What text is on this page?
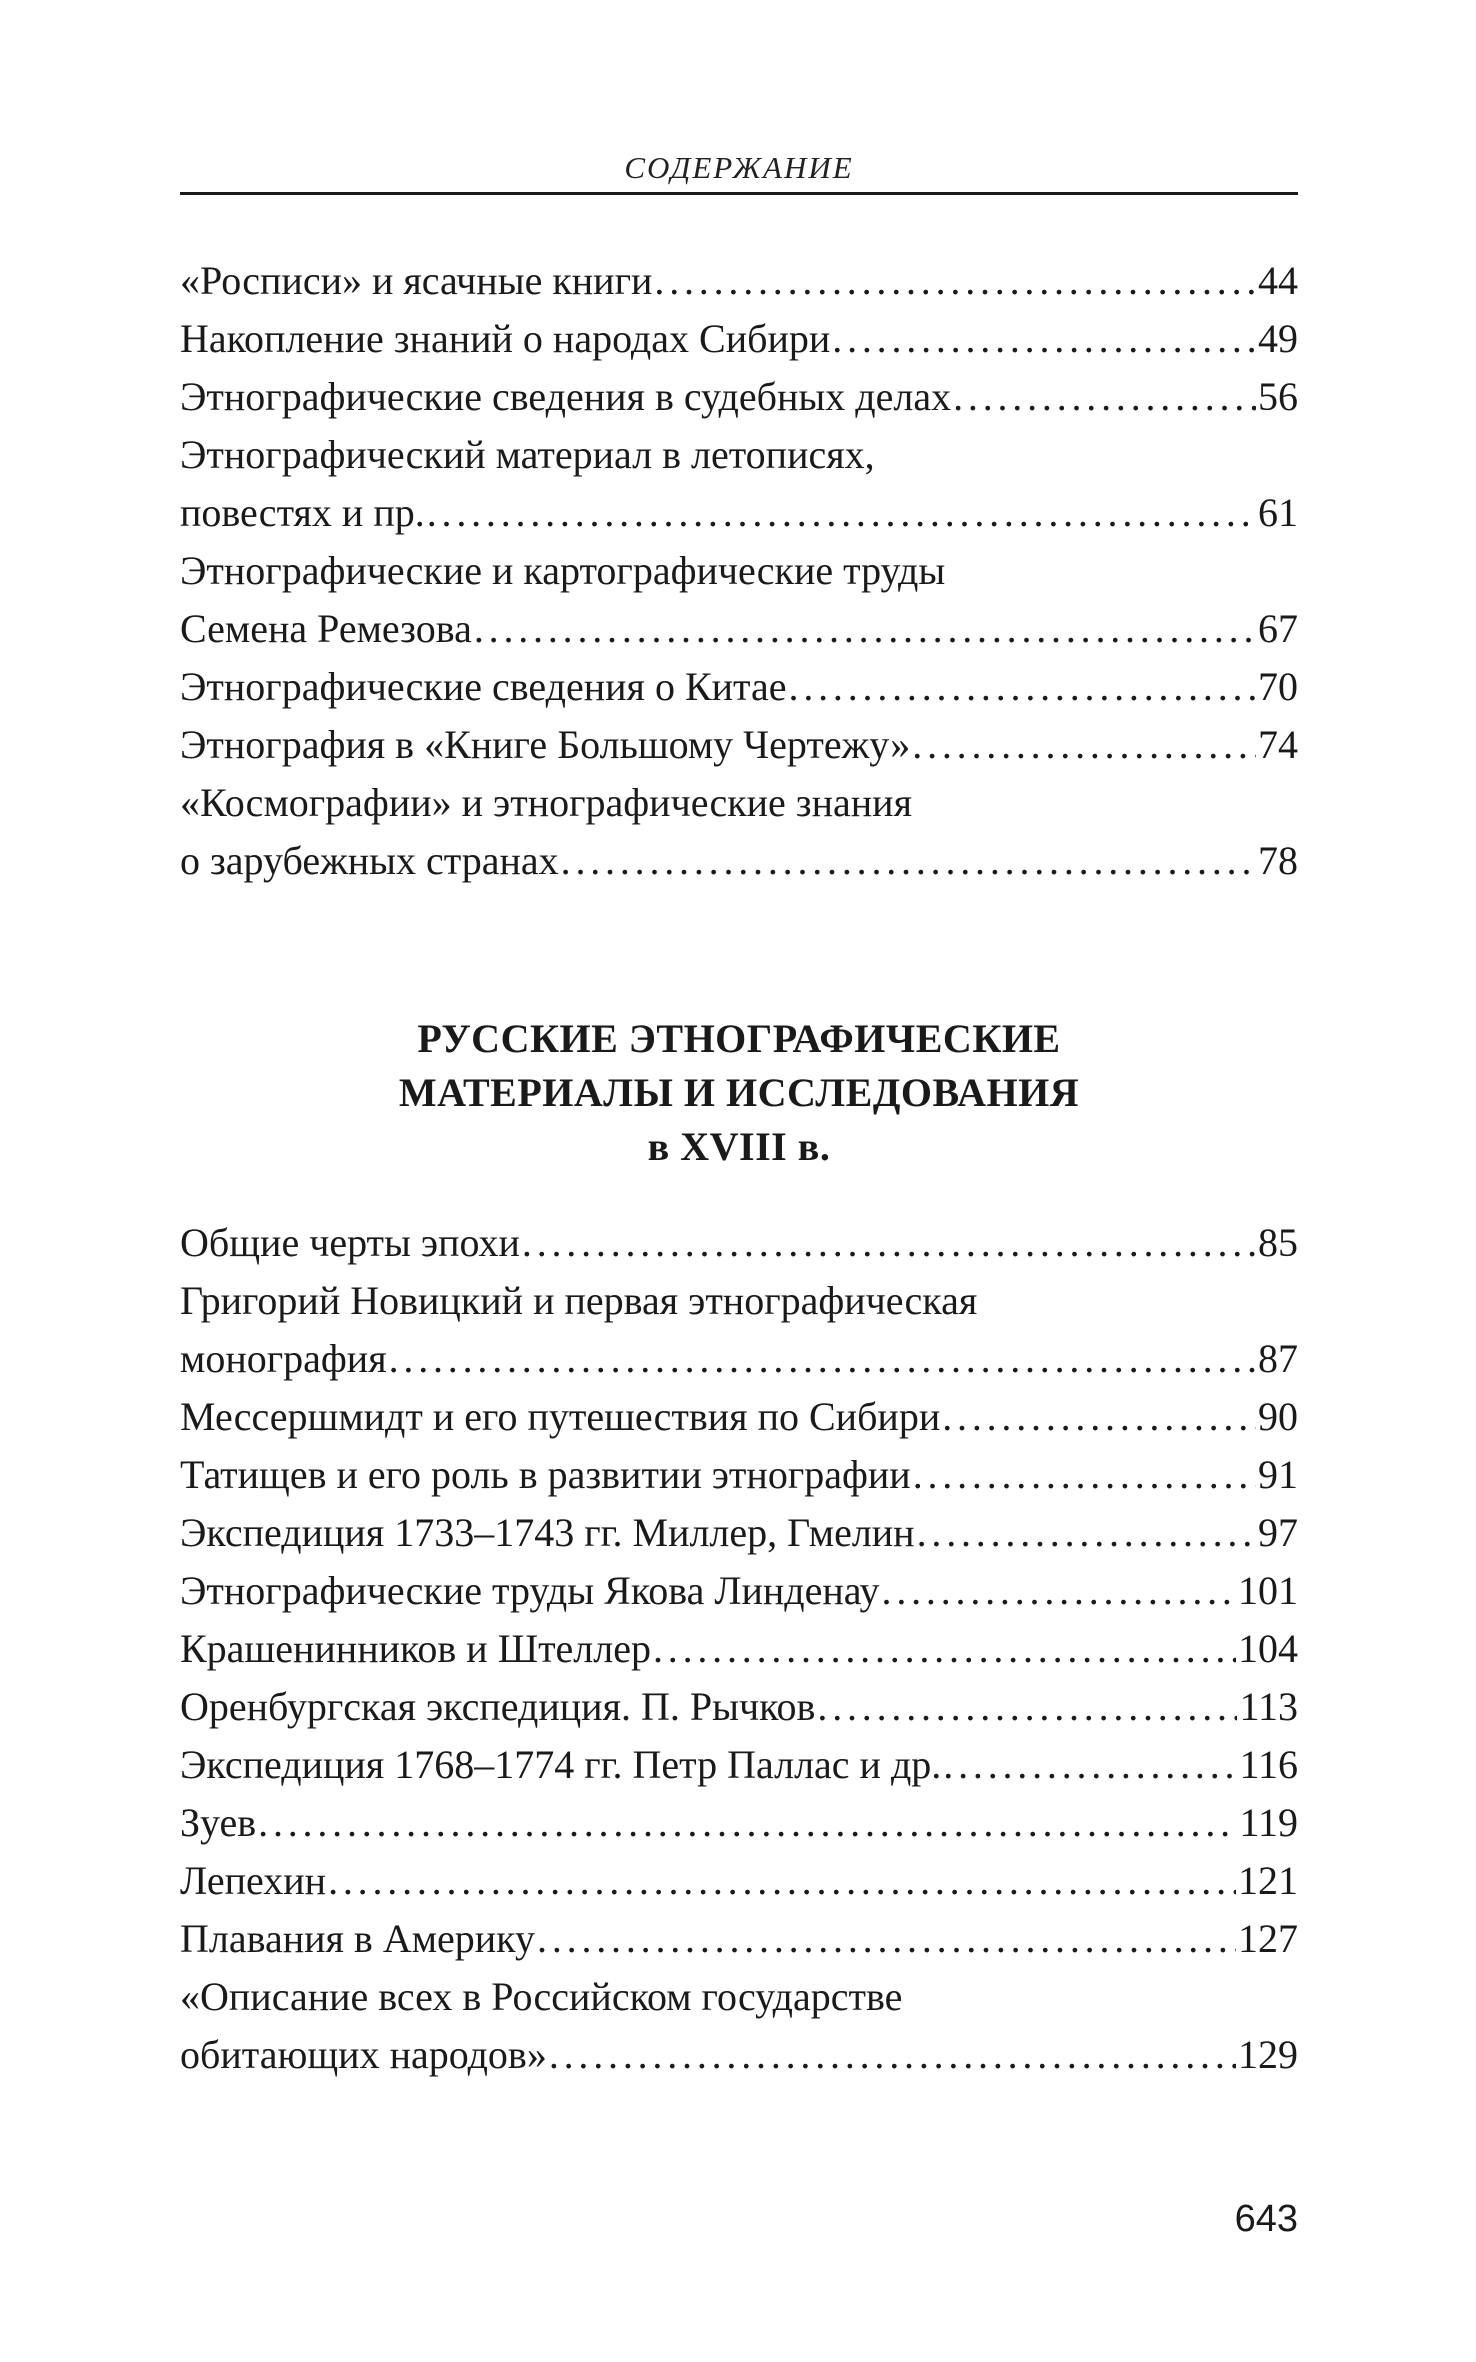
СОДЕРЖАНИЕ
«Росписи» и ясачные книги . . .	44
Накопление знаний о народах Сибири . . .	49
Этнографические сведения в судебных делах . . .	56
Этнографический материал в летописях,
повестях и пр. . . .	61
Этнографические и картографические труды
Семена Ремезова . . .	67
Этнографические сведения о Китае . . .	70
Этнография в «Книге Большому Чертежу» . . .	74
«Космографии» и этнографические знания
о зарубежных странах . . .	78
РУССКИЕ ЭТНОГРАФИЧЕСКИЕ
МАТЕРИАЛЫ И ИССЛЕДОВАНИЯ
в XVIII в.
Общие черты эпохи . . .	85
Григорий Новицкий и первая этнографическая
монография . . .	87
Мессершмидт и его путешествия по Сибири . . .	90
Татищев и его роль в развитии этнографии . . .	91
Экспедиция 1733–1743 гг. Миллер, Гмелин . . .	97
Этнографические труды Якова Линденау . . .	101
Крашенинников и Штеллер . . .	104
Оренбургская экспедиция. П. Рычков . . .	113
Экспедиция 1768–1774 гг. Петр Паллас и др. . . .	116
Зуев . . .	119
Лепехин . . .	121
Плавания в Америку . . .	127
«Описание всех в Российском государстве
обитающих народов» . . .	129
643
